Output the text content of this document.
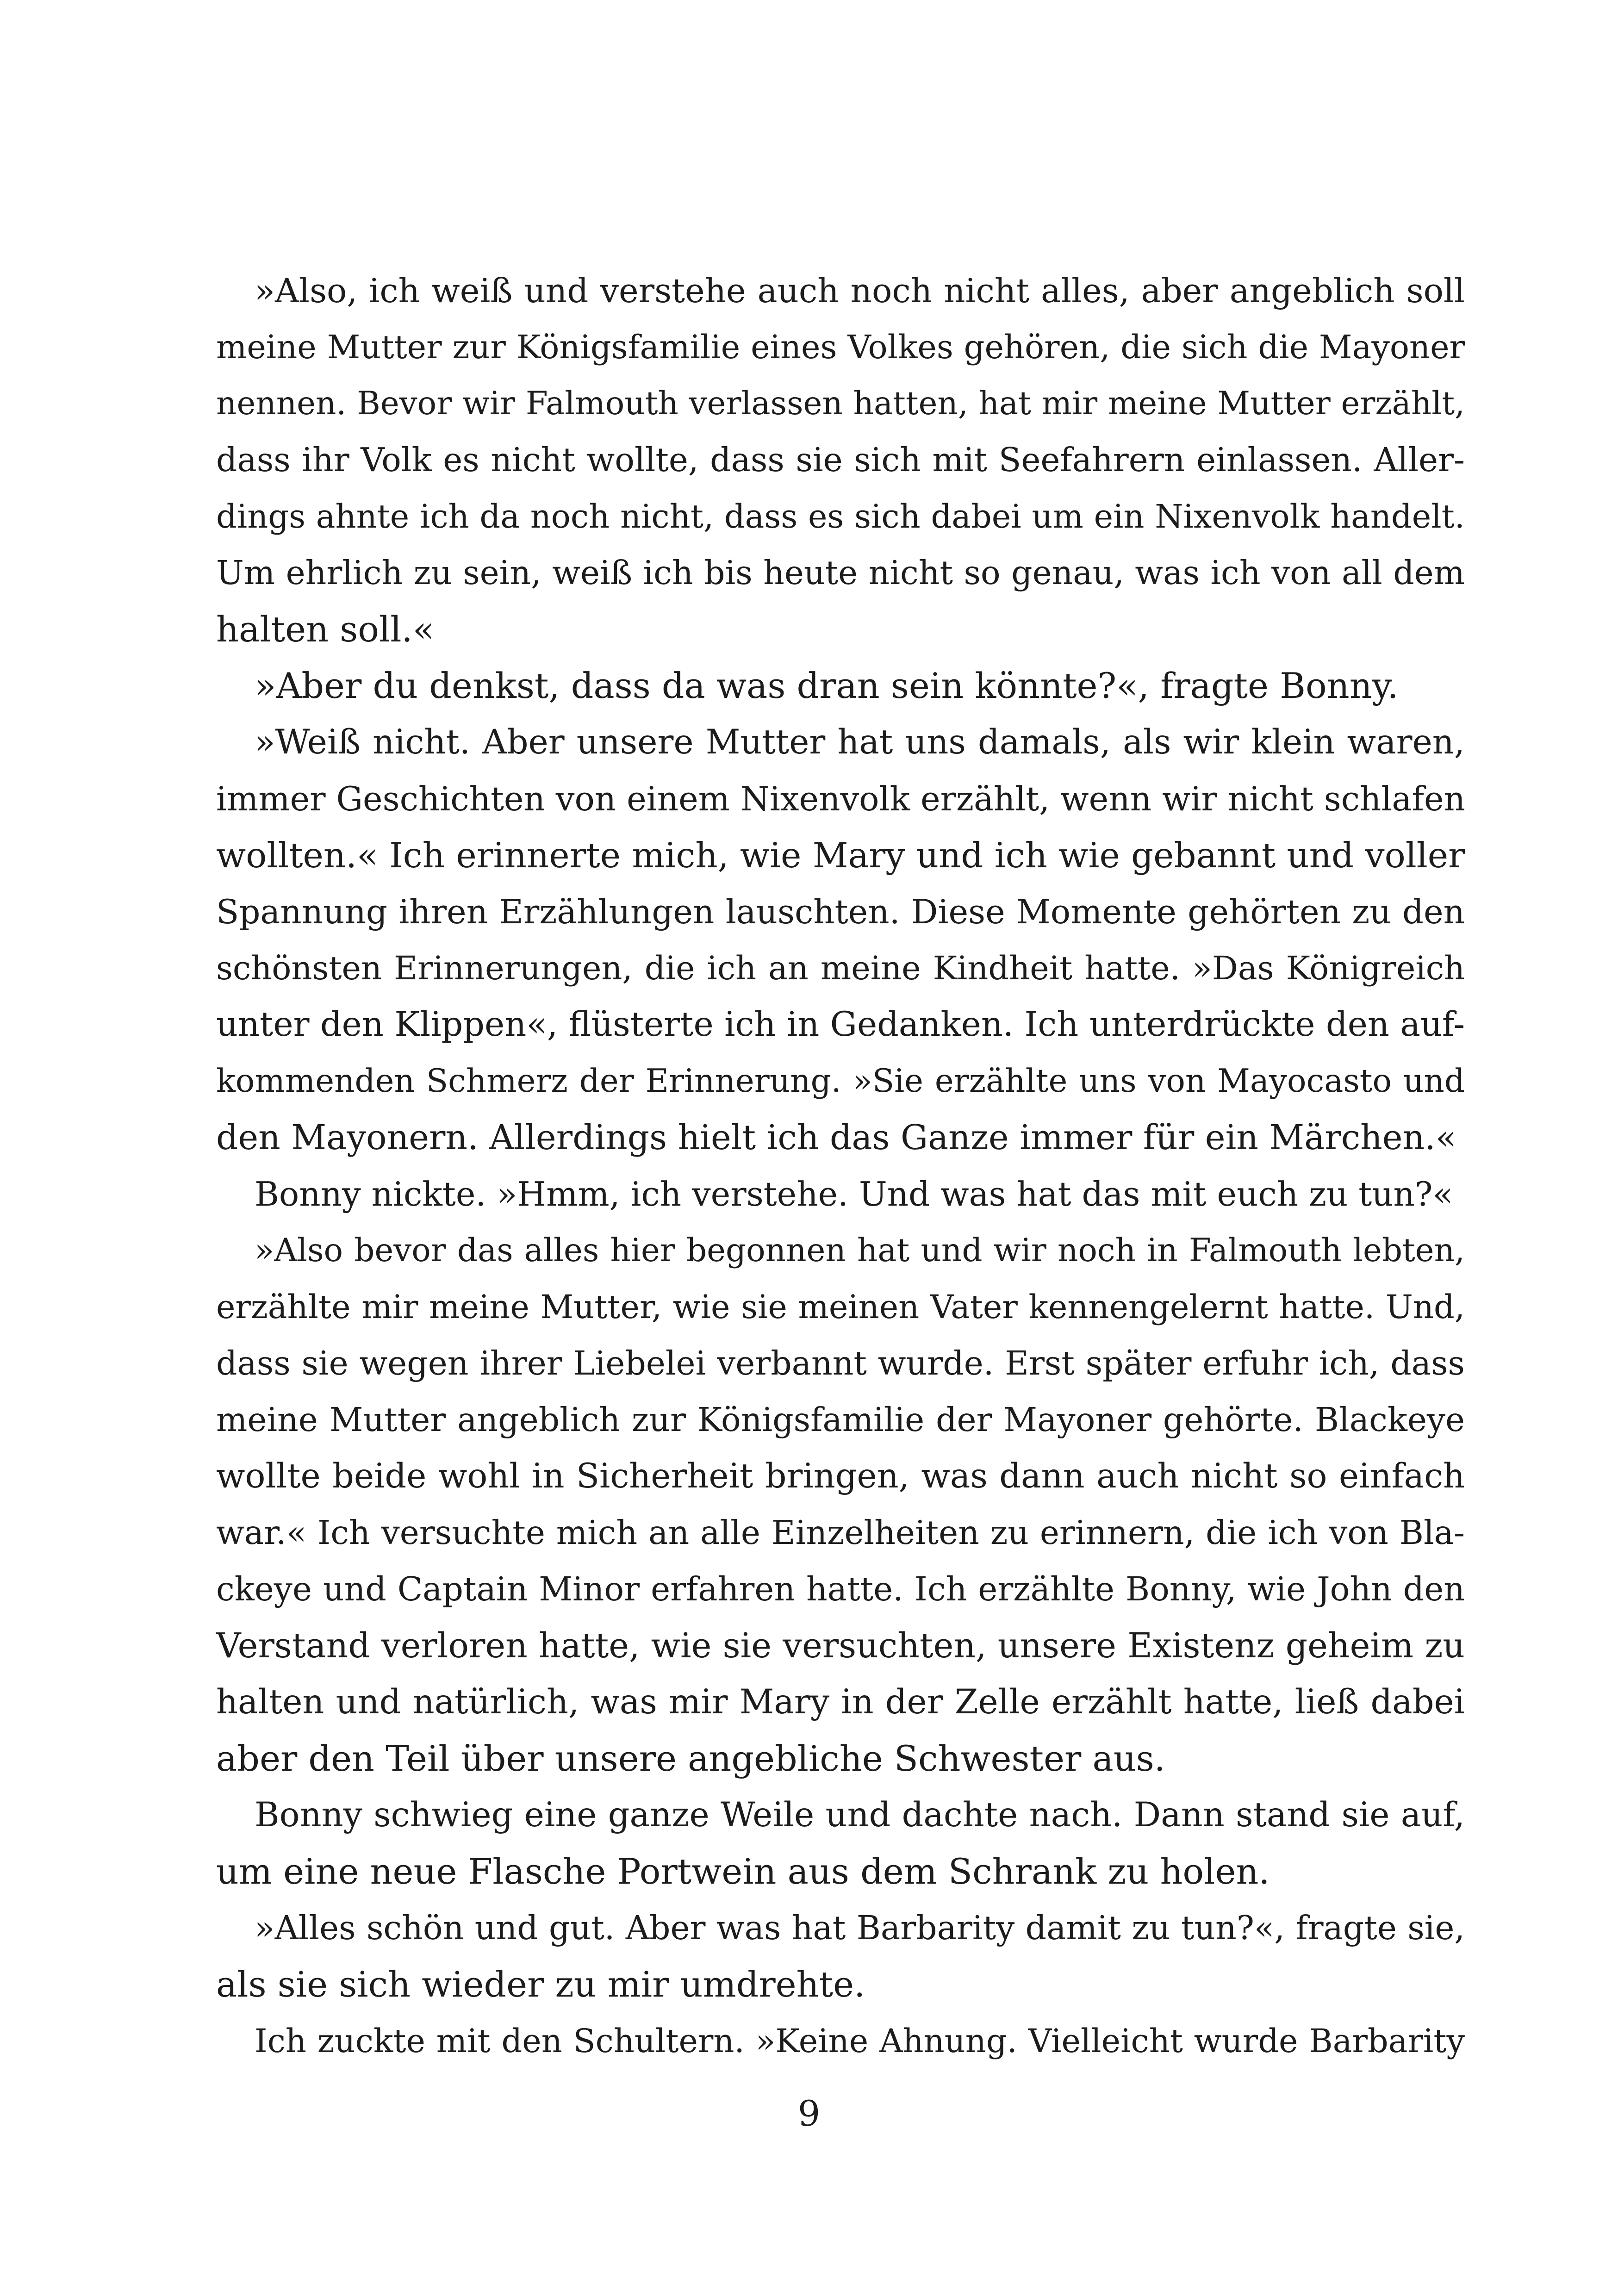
»Also, ich weiß und verstehe auch noch nicht alles, aber angeblich soll
meine Mutter zur Königsfamilie eines Volkes gehören, die sich die Mayoner
nennen. Bevor wir Falmouth verlassen hatten, hat mir meine Mutter erzählt,
dass ihr Volk es nicht wollte, dass sie sich mit Seefahrern einlassen. Aller-
dings ahnte ich da noch nicht, dass es sich dabei um ein Nixenvolk handelt.
Um ehrlich zu sein, weiß ich bis heute nicht so genau, was ich von all dem
halten soll.«
»Aber du denkst, dass da was dran sein könnte?«, fragte Bonny.
»Weiß nicht. Aber unsere Mutter hat uns damals, als wir klein waren,
immer Geschichten von einem Nixenvolk erzählt, wenn wir nicht schlafen
wollten.« Ich erinnerte mich, wie Mary und ich wie gebannt und voller
Spannung ihren Erzählungen lauschten. Diese Momente gehörten zu den
schönsten Erinnerungen, die ich an meine Kindheit hatte. »Das Königreich
unter den Klippen«, flüsterte ich in Gedanken. Ich unterdrückte den auf-
kommenden Schmerz der Erinnerung. »Sie erzählte uns von Mayocasto und
den Mayonern. Allerdings hielt ich das Ganze immer für ein Märchen.«
Bonny nickte. »Hmm, ich verstehe. Und was hat das mit euch zu tun?«
»Also bevor das alles hier begonnen hat und wir noch in Falmouth lebten,
erzählte mir meine Mutter, wie sie meinen Vater kennengelernt hatte. Und,
dass sie wegen ihrer Liebelei verbannt wurde. Erst später erfuhr ich, dass
meine Mutter angeblich zur Königsfamilie der Mayoner gehörte. Blackeye
wollte beide wohl in Sicherheit bringen, was dann auch nicht so einfach
war.« Ich versuchte mich an alle Einzelheiten zu erinnern, die ich von Bla-
ckeye und Captain Minor erfahren hatte. Ich erzählte Bonny, wie John den
Verstand verloren hatte, wie sie versuchten, unsere Existenz geheim zu
halten und natürlich, was mir Mary in der Zelle erzählt hatte, ließ dabei
aber den Teil über unsere angebliche Schwester aus.
Bonny schwieg eine ganze Weile und dachte nach. Dann stand sie auf,
um eine neue Flasche Portwein aus dem Schrank zu holen.
»Alles schön und gut. Aber was hat Barbarity damit zu tun?«, fragte sie,
als sie sich wieder zu mir umdrehte.
Ich zuckte mit den Schultern. »Keine Ahnung. Vielleicht wurde Barbarity
9
